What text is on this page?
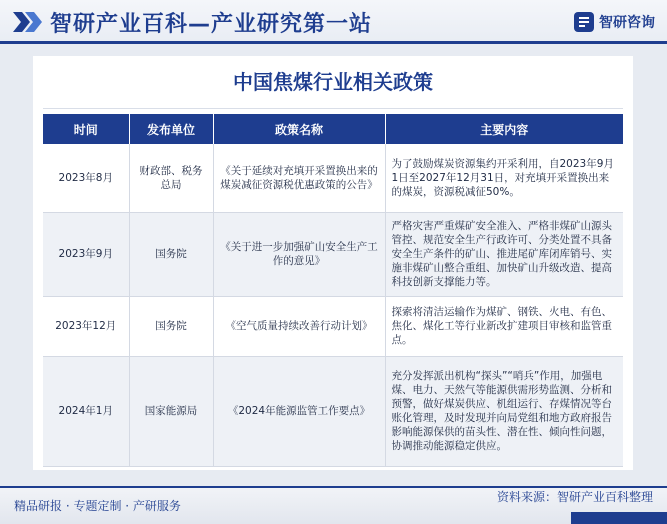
智研产业百科—产业研究第一站	智研咨询
中国焦煤行业相关政策
时间	发布单位	政策名称	主要内容
2023年8月	财政部、税务总局	《关于延续对充填开采置换出来的煤炭减征资源税优惠政策的公告》	为了鼓励煤炭资源集约开采利用，自2023年9月1日至2027年12月31日，对充填开采置换出来的煤炭，资源税减征50%。
2023年9月	国务院	《关于进一步加强矿山安全生产工作的意见》	严格灾害严重煤矿安全准入、严格非煤矿山源头管控、规范安全生产行政许可、分类处置不具备安全生产条件的矿山、推进尾矿库闭库销号、实施非煤矿山整合重组、加快矿山升级改造、提高科技创新支撑能力等。
2023年12月	国务院	《空气质量持续改善行动计划》	探索将清洁运输作为煤矿、钢铁、火电、有色、焦化、煤化工等行业新改扩建项目审核和监管重点。
2024年1月	国家能源局	《2024年能源监管工作要点》	充分发挥派出机构“探头”“哨兵”作用，加强电煤、电力、天然气等能源供需形势监测、分析和预警，做好煤炭供应、机组运行、存煤情况等台账化管理，及时发现并向局党组和地方政府报告影响能源保供的苗头性、潜在性、倾向性问题，协调推动能源稳定供应。
精品研报 · 专题定制 · 产研服务
资料来源：智研产业百科整理
